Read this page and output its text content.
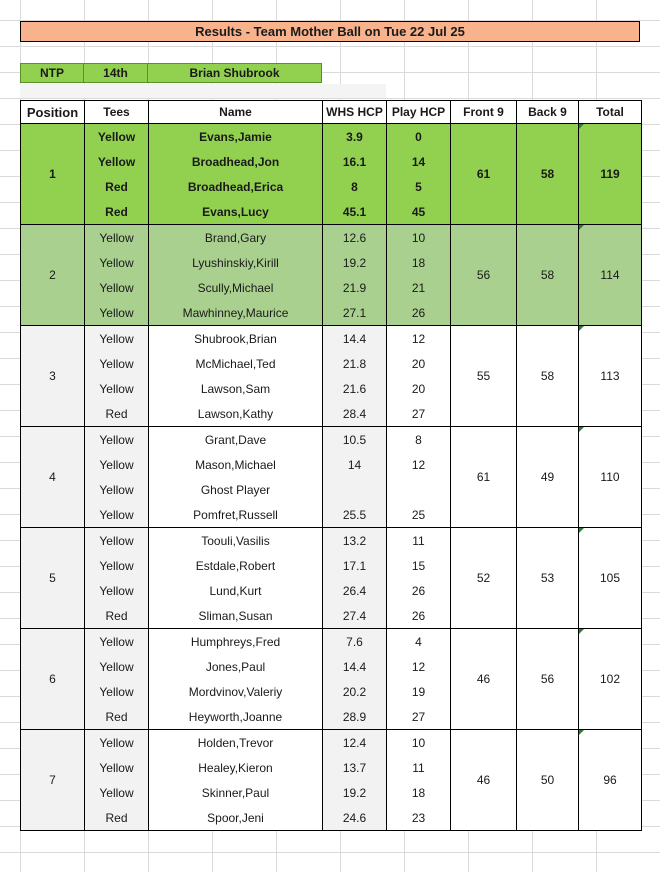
Results - Team Mother Ball on Tue 22 Jul 25
NTP	14th	Brian Shubrook
Position	Tees	Name	WHS HCP	Play HCP	Front 9	Back 9	Total
1	Yellow	Evans,Jamie	3.9	0	61	58	119
	Yellow	Broadhead,Jon	16.1	14			
	Red	Broadhead,Erica	8	5			
	Red	Evans,Lucy	45.1	45			
2	Yellow	Brand,Gary	12.6	10	56	58	114
	Yellow	Lyushinskiy,Kirill	19.2	18			
	Yellow	Scully,Michael	21.9	21			
	Yellow	Mawhinney,Maurice	27.1	26			
3	Yellow	Shubrook,Brian	14.4	12	55	58	113
	Yellow	McMichael,Ted	21.8	20			
	Yellow	Lawson,Sam	21.6	20			
	Red	Lawson,Kathy	28.4	27			
4	Yellow	Grant,Dave	10.5	8	61	49	110
	Yellow	Mason,Michael	14	12			
	Yellow	Ghost Player					
	Yellow	Pomfret,Russell	25.5	25			
5	Yellow	Toouli,Vasilis	13.2	11	52	53	105
	Yellow	Estdale,Robert	17.1	15			
	Yellow	Lund,Kurt	26.4	26			
	Red	Sliman,Susan	27.4	26			
6	Yellow	Humphreys,Fred	7.6	4	46	56	102
	Yellow	Jones,Paul	14.4	12			
	Yellow	Mordvinov,Valeriy	20.2	19			
	Red	Heyworth,Joanne	28.9	27			
7	Yellow	Holden,Trevor	12.4	10	46	50	96
	Yellow	Healey,Kieron	13.7	11			
	Yellow	Skinner,Paul	19.2	18			
	Red	Spoor,Jeni	24.6	23			
